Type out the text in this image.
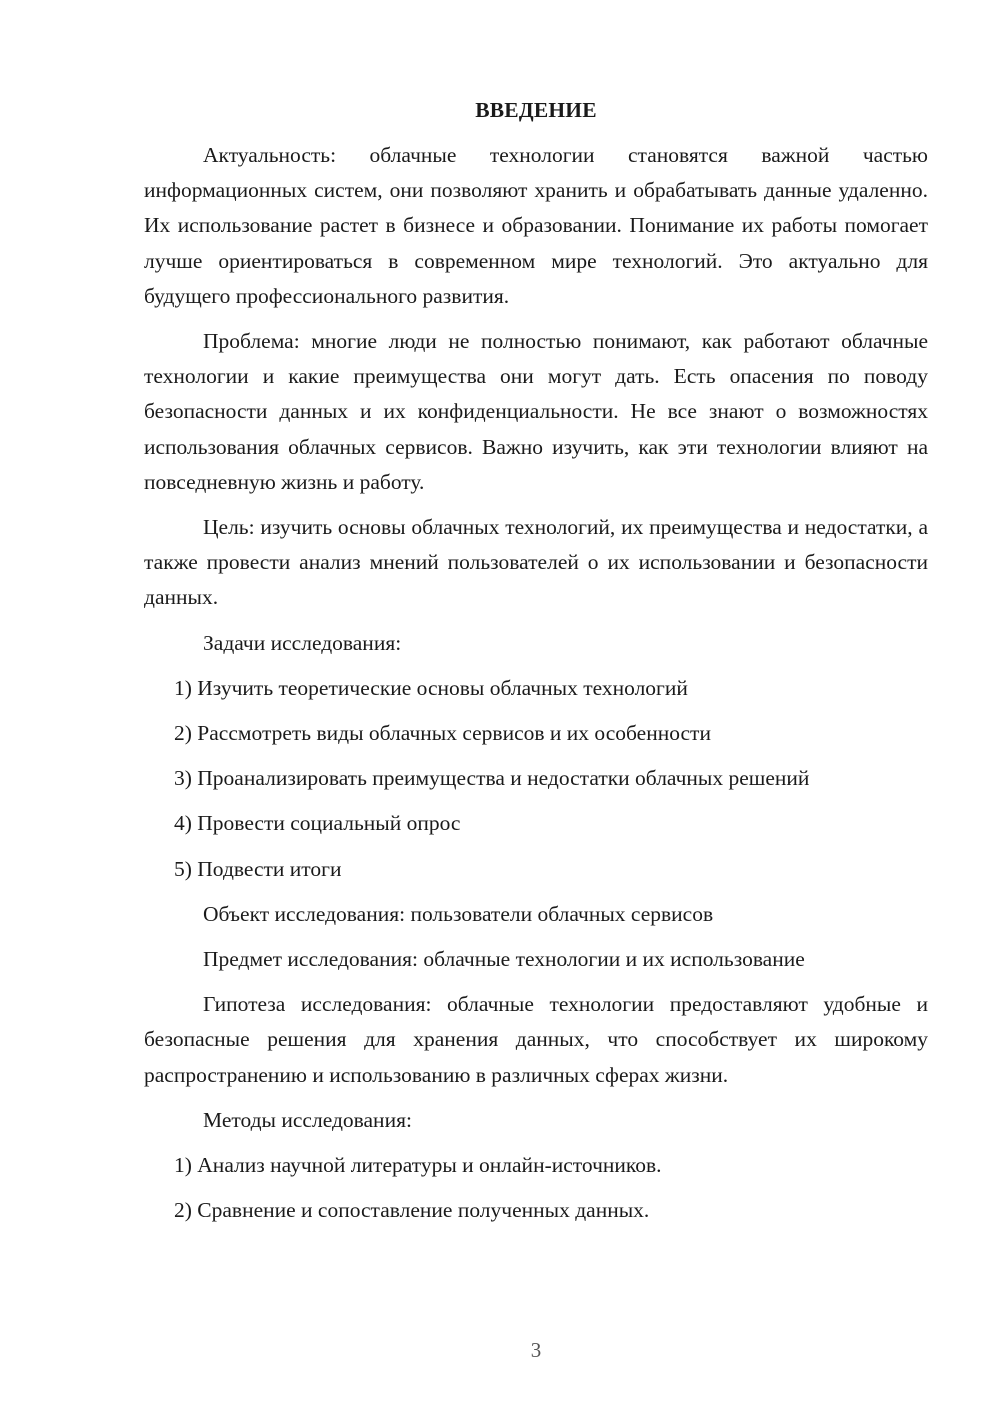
ВВЕДЕНИЕ

Актуальность: облачные технологии становятся важной частью информационных систем, они позволяют хранить и обрабатывать данные удаленно. Их использование растет в бизнесе и образовании. Понимание их работы помогает лучше ориентироваться в современном мире технологий. Это актуально для будущего профессионального развития.

Проблема: многие люди не полностью понимают, как работают облачные технологии и какие преимущества они могут дать. Есть опасения по поводу безопасности данных и их конфиденциальности. Не все знают о возможностях использования облачных сервисов. Важно изучить, как эти технологии влияют на повседневную жизнь и работу.

Цель: изучить основы облачных технологий, их преимущества и недостатки, а также провести анализ мнений пользователей о их использовании и безопасности данных.

Задачи исследования:
1) Изучить теоретические основы облачных технологий
2) Рассмотреть виды облачных сервисов и их особенности
3) Проанализировать преимущества и недостатки облачных решений
4) Провести социальный опрос
5) Подвести итоги
Объект исследования: пользователи облачных сервисов
Предмет исследования: облачные технологии и их использование

Гипотеза исследования: облачные технологии предоставляют удобные и безопасные решения для хранения данных, что способствует их широкому распространению и использованию в различных сферах жизни.

Методы исследования:
1) Анализ научной литературы и онлайн-источников.
2) Сравнение и сопоставление полученных данных.
3
